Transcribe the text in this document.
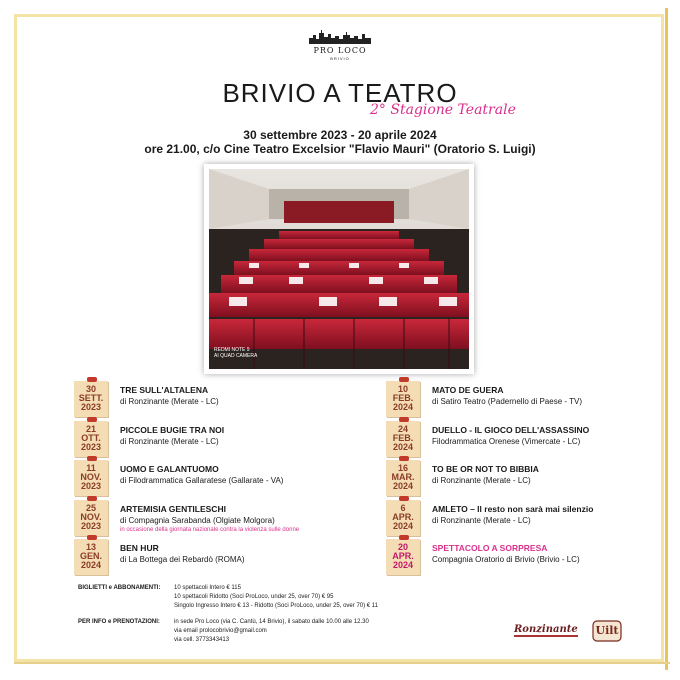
PRO LOCO
BRIVIO
BRIVIO A TEATRO
2° Stagione Teatrale
30 settembre 2023 - 20 aprile 2024
ore 21.00, c/o Cine Teatro Excelsior "Flavio Mauri" (Oratorio S. Luigi)
REDMI NOTE 9
AI QUAD CAMERA
30
SETT.
2023
TRE SULL'ALTALENA
di Ronzinante (Merate - LC)
21
OTT.
2023
PICCOLE BUGIE TRA NOI
di Ronzinante (Merate - LC)
11
NOV.
2023
UOMO E GALANTUOMO
di Filodrammatica Gallaratese (Gallarate - VA)
25
NOV.
2023
ARTEMISIA GENTILESCHI
di Compagnia Sarabanda (Olgiate Molgora)
in occasione della giornata nazionale contra la violenza sulle donne
13
GEN.
2024
BEN HUR
di La Bottega dei Rebardò (ROMA)
10
FEB.
2024
MATO DE GUERA
di Satiro Teatro (Padernello di Paese - TV)
24
FEB.
2024
DUELLO - IL GIOCO DELL'ASSASSINO
Filodrammatica Orenese (Vimercate - LC)
16
MAR.
2024
TO BE OR NOT TO BIBBIA
di Ronzinante (Merate - LC)
6
APR.
2024
AMLETO – Il resto non sarà mai silenzio
di Ronzinante (Merate - LC)
20
APR.
2024
SPETTACOLO A SORPRESA
Compagnia Oratorio di Brivio (Brivio - LC)
BIGLIETTI e ABBONAMENTI: 10 spettacoli Intero € 115
10 spettacoli Ridotto (Soci ProLoco, under 25, over 70) € 95
Singolo Ingresso Intero € 13 - Ridotto (Soci ProLoco, under 25, over 70) € 11
PER INFO e PRENOTAZIONI: in sede Pro Loco (via C. Cantù, 14 Brivio), il sabato dalle 10.00 alle 12.30
via email prolocobrivio@gmail.com
via cell. 3773343413
Ronzinante	Uilt
